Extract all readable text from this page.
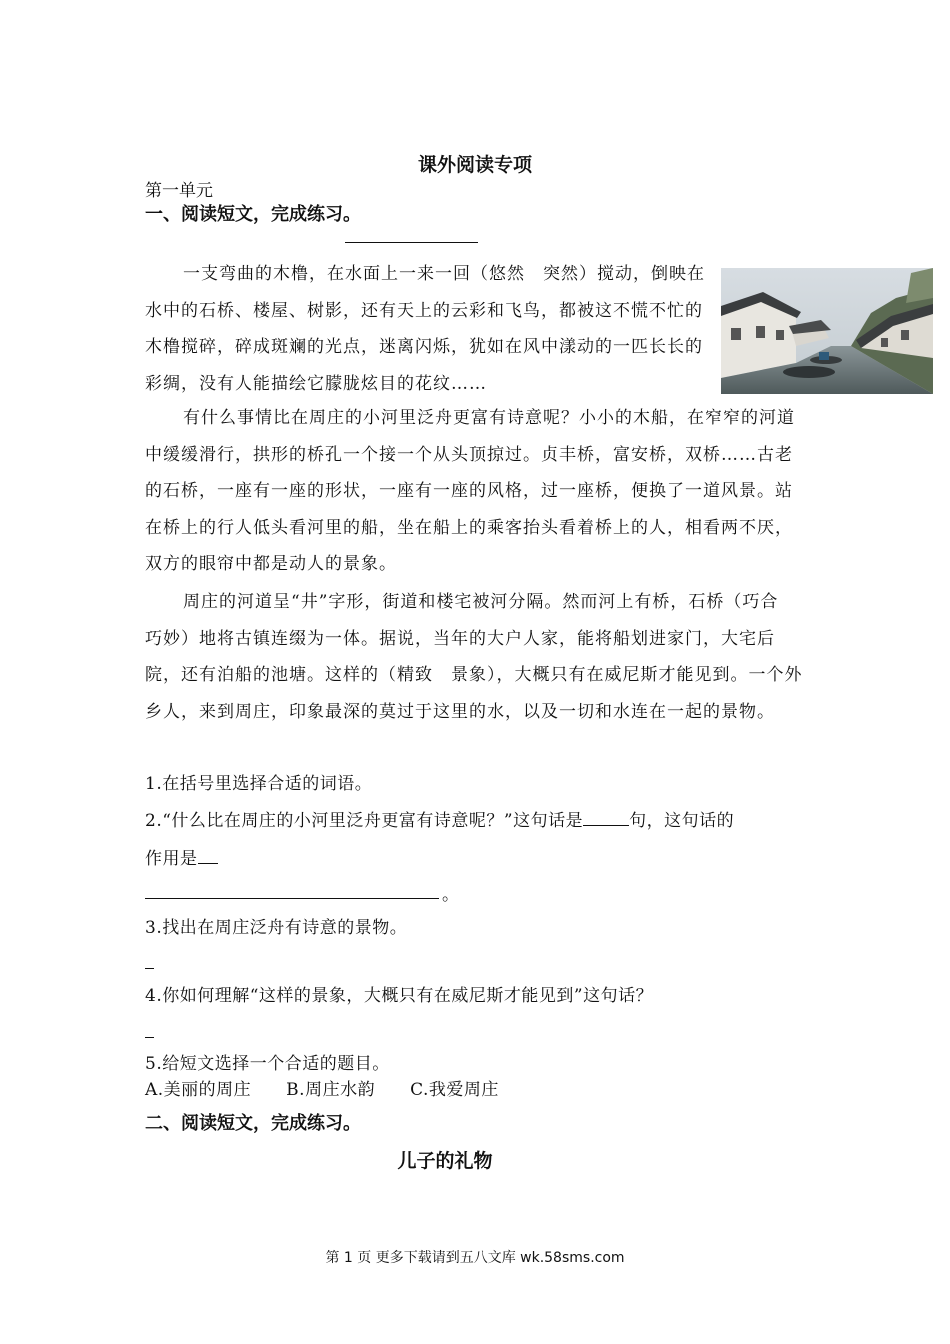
课外阅读专项
第一单元
一、阅读短文，完成练习。
一支弯曲的木橹，在水面上一来一回（悠然　突然）搅动，倒映在水中的石桥、楼屋、树影，还有天上的云彩和飞鸟，都被这不慌不忙的木橹搅碎，碎成斑斓的光点，迷离闪烁，犹如在风中漾动的一匹长长的彩绸，没有人能描绘它朦胧炫目的花纹……
有什么事情比在周庄的小河里泛舟更富有诗意呢？小小的木船，在窄窄的河道中缓缓滑行，拱形的桥孔一个接一个从头顶掠过。贞丰桥，富安桥，双桥……古老的石桥，一座有一座的形状，一座有一座的风格，过一座桥，便换了一道风景。站在桥上的行人低头看河里的船，坐在船上的乘客抬头看着桥上的人，相看两不厌，双方的眼帘中都是动人的景象。
周庄的河道呈“井”字形，街道和楼宅被河分隔。然而河上有桥，石桥（巧合　巧妙）地将古镇连缀为一体。据说，当年的大户人家，能将船划进家门，大宅后院，还有泊船的池塘。这样的（精致　景象），大概只有在威尼斯才能见到。一个外乡人，来到周庄，印象最深的莫过于这里的水，以及一切和水连在一起的景物。
1.在括号里选择合适的词语。
2.“什么比在周庄的小河里泛舟更富有诗意呢？”这句话是	句，这句话的
作用是
。
3.找出在周庄泛舟有诗意的景物。
4.你如何理解“这样的景象，大概只有在威尼斯才能见到”这句话？
5.给短文选择一个合适的题目。
A.美丽的周庄　　B.周庄水韵　　C.我爱周庄
二、阅读短文，完成练习。
儿子的礼物
第 1 页 更多下载请到五八文库 wk.58sms.com
